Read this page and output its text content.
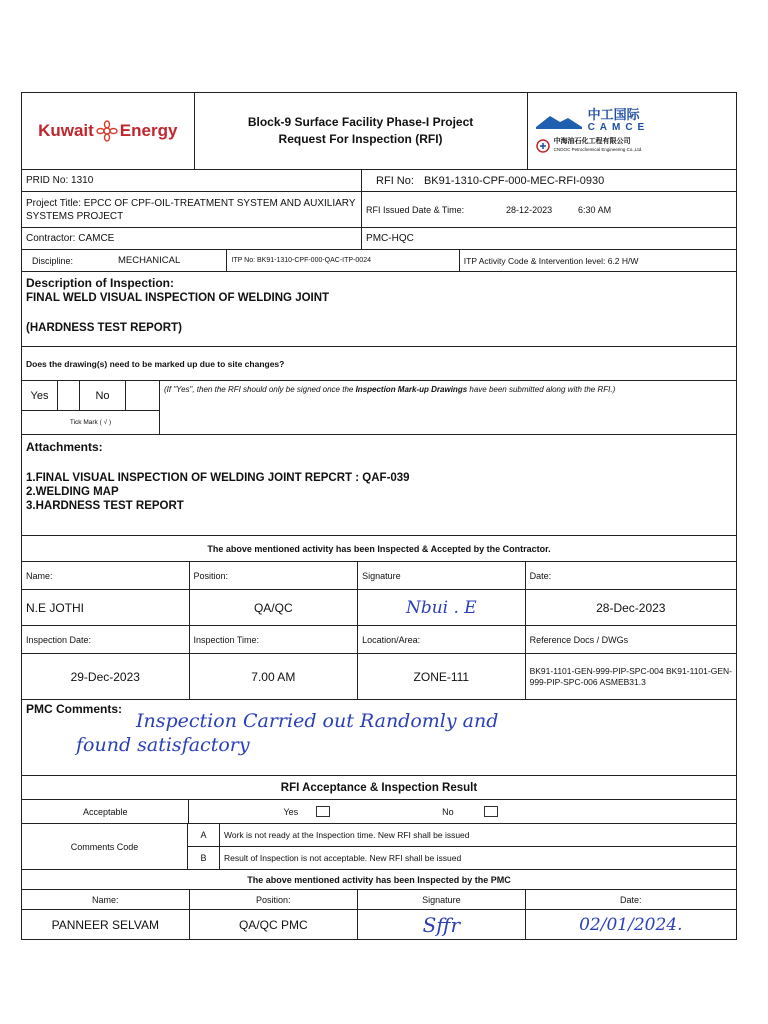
Kuwait Energy	Block-9 Surface Facility Phase-I Project
Request For Inspection (RFI)
中工国际
CAMCE
中海油石化工程有限公司
CNOOC Petrochemical Engineering Co.,Ltd.
PRID No: 1310	RFI No: BK91-1310-CPF-000-MEC-RFI-0930
Project Title: EPCC OF CPF-OIL-TREATMENT SYSTEM AND AUXILIARY SYSTEMS PROJECT
RFI Issued Date & Time:	28-12-2023	6:30 AM
Contractor: CAMCE	PMC-HQC
Discipline:	MECHANICAL	ITP No: BK91-1310-CPF-000-QAC-ITP-0024	ITP Activity Code & Intervention level: 6.2 H/W
Description of Inspection:
FINAL WELD VISUAL INSPECTION OF WELDING JOINT
(HARDNESS TEST REPORT)
Does the drawing(s) need to be marked up due to site changes?
Yes	No
Tick Mark ( √ )
(If "Yes", then the RFI should only be signed once the Inspection Mark-up Drawings have been submitted along with the RFI.)
Attachments:
1.FINAL VISUAL INSPECTION OF WELDING JOINT REPCRT : QAF-039
2.WELDING MAP
3.HARDNESS TEST REPORT
The above mentioned activity has been Inspected & Accepted by the Contractor.
Name:	Position:	Signature	Date:
N.E JOTHI	QA/QC	Nbui . E	28-Dec-2023
Inspection Date:	Inspection Time:	Location/Area:	Reference Docs / DWGs
29-Dec-2023	7.00 AM	ZONE-111	BK91-1101-GEN-999-PIP-SPC-004 BK91-1101-GEN-999-PIP-SPC-006 ASMEB31.3
PMC Comments:
Inspection Carried out Randomly and
found satisfactory
RFI Acceptance & Inspection Result
Acceptable	Yes	No
Comments Code
A	Work is not ready at the Inspection time. New RFI shall be issued
B	Result of Inspection is not acceptable. New RFI shall be issued
The above mentioned activity has been Inspected by the PMC
Name:	Position:	Signature	Date:
PANNEER SELVAM	QA/QC PMC	Sffr	02/01/2024.
